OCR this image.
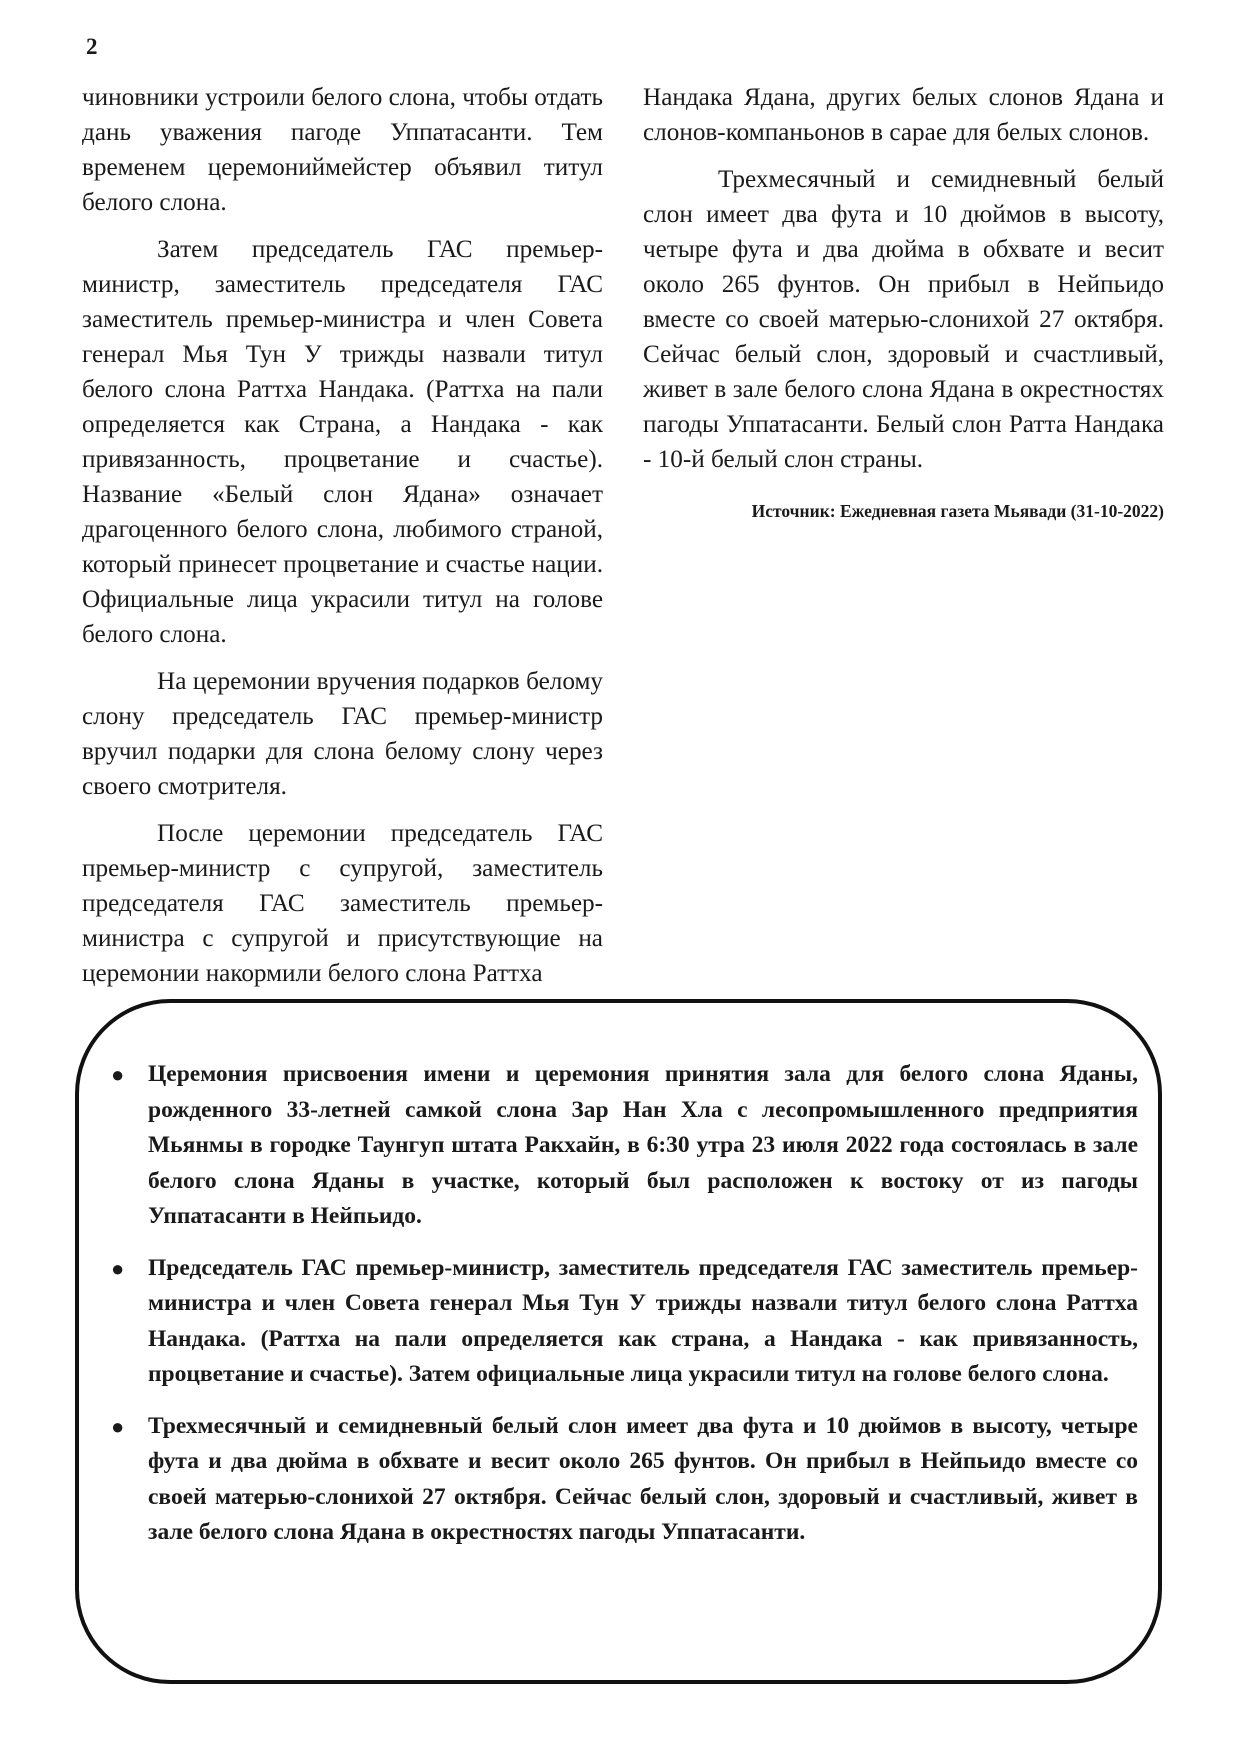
2

чиновники устроили белого слона, чтобы отдать дань уважения пагоде Уппатасанти. Тем временем церемониймейстер объявил титул белого слона.

Затем председатель ГАС премьер-министр, заместитель председателя ГАС заместитель премьер-министра и член Совета генерал Мья Тун У трижды назвали титул белого слона Раттха Нандака. (Раттха на пали определяется как Страна, а Нандака - как привязанность, процветание и счастье). Название «Белый слон Ядана» означает драгоценного белого слона, любимого страной, который принесет процветание и счастье нации. Официальные лица украсили титул на голове белого слона.

На церемонии вручения подарков белому слону председатель ГАС премьер-министр вручил подарки для слона белому слону через своего смотрителя.

После церемонии председатель ГАС премьер-министр с супругой, заместитель председателя ГАС заместитель премьер-министра с супругой и присутствующие на церемонии накормили белого слона Раттха

Нандака Ядана, других белых слонов Ядана и слонов-компаньонов в сарае для белых слонов.

Трехмесячный и семидневный белый слон имеет два фута и 10 дюймов в высоту, четыре фута и два дюйма в обхвате и весит около 265 фунтов. Он прибыл в Нейпьидо вместе со своей матерью-слонихой 27 октября. Сейчас белый слон, здоровый и счастливый, живет в зале белого слона Ядана в окрестностях пагоды Уппатасанти. Белый слон Ратта Нандака - 10-й белый слон страны.

Источник: Ежедневная газета Мьявади (31-10-2022)
● Церемония присвоения имени и церемония принятия зала для белого слона Яданы, рожденного 33-летней самкой слона Зар Нан Хла с лесопромышленного предприятия Мьянмы в городке Таунгуп штата Ракхайн, в 6:30 утра 23 июля 2022 года состоялась в зале белого слона Яданы в участке, который был расположен к востоку от из пагоды Уппатасанти в Нейпьидо.
● Председатель ГАС премьер-министр, заместитель председателя ГАС заместитель премьер-министра и член Совета генерал Мья Тун У трижды назвали титул белого слона Раттха Нандака. (Раттха на пали определяется как страна, а Нандака - как привязанность, процветание и счастье). Затем официальные лица украсили титул на голове белого слона.
● Трехмесячный и семидневный белый слон имеет два фута и 10 дюймов в высоту, четыре фута и два дюйма в обхвате и весит около 265 фунтов. Он прибыл в Нейпьидо вместе со своей матерью-слонихой 27 октября. Сейчас белый слон, здоровый и счастливый, живет в зале белого слона Ядана в окрестностях пагоды Уппатасанти.
